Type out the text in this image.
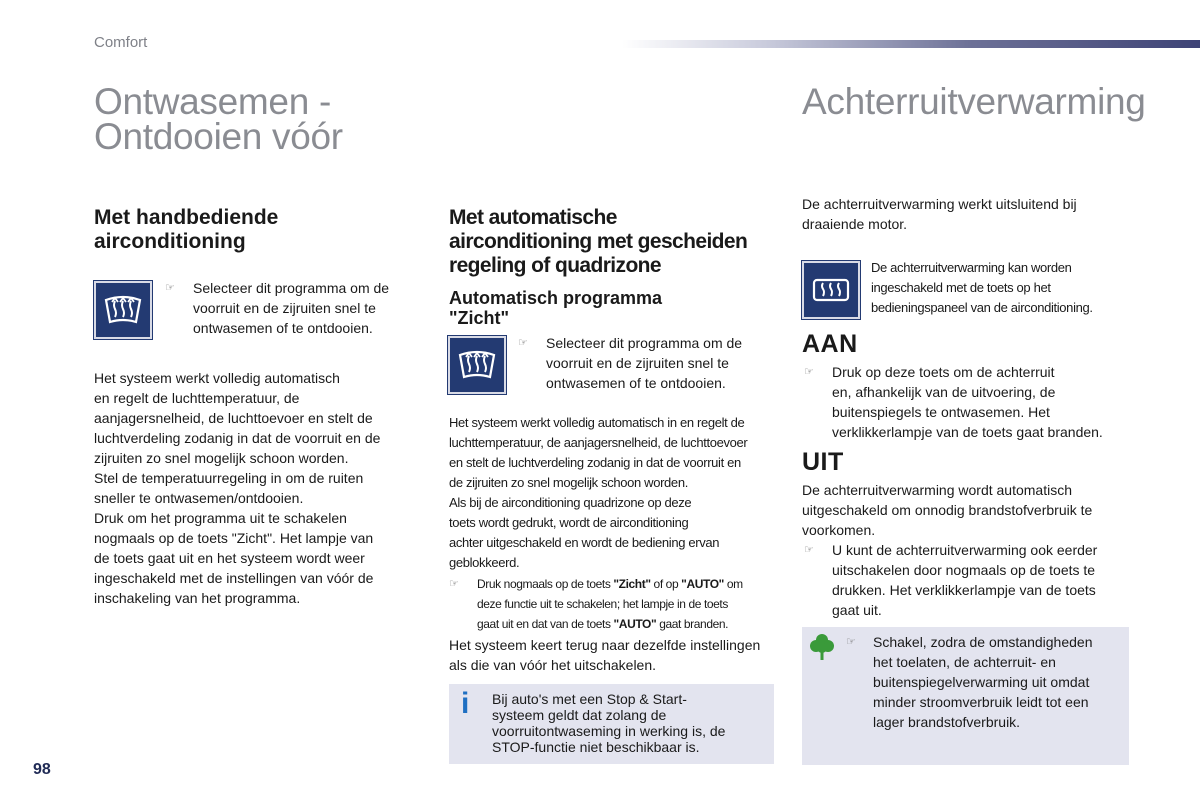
Comfort
Ontwasemen -
Ontdooien vóór
Achterruitverwarming
Met handbediende
airconditioning
☞ Selecteer dit programma om de
voorruit en de zijruiten snel te
ontwasemen of te ontdooien.
Het systeem werkt volledig automatisch
en regelt de luchttemperatuur, de
aanjagersnelheid, de luchttoevoer en stelt de
luchtverdeling zodanig in dat de voorruit en de
zijruiten zo snel mogelijk schoon worden.
Stel de temperatuurregeling in om de ruiten
sneller te ontwasemen/ontdooien.
Druk om het programma uit te schakelen
nogmaals op de toets "Zicht". Het lampje van
de toets gaat uit en het systeem wordt weer
ingeschakeld met de instellingen van vóór de
inschakeling van het programma.
Met automatische
airconditioning met gescheiden
regeling of quadrizone
Automatisch programma
"Zicht"
☞ Selecteer dit programma om de
voorruit en de zijruiten snel te
ontwasemen of te ontdooien.
Het systeem werkt volledig automatisch in en regelt de
luchttemperatuur, de aanjagersnelheid, de luchttoevoer
en stelt de luchtverdeling zodanig in dat de voorruit en
de zijruiten zo snel mogelijk schoon worden.
Als bij de airconditioning quadrizone op deze
toets wordt gedrukt, wordt de airconditioning
achter uitgeschakeld en wordt de bediening ervan
geblokkeerd.
☞	Druk nogmaals op de toets "Zicht" of op "AUTO" om
deze functie uit te schakelen; het lampje in de toets
gaat uit en dat van de toets "AUTO" gaat branden.
Het systeem keert terug naar dezelfde instellingen
als die van vóór het uitschakelen.
i Bij auto's met een Stop & Start-
systeem geldt dat zolang de
voorruitontwaseming in werking is, de
STOP-functie niet beschikbaar is.
De achterruitverwarming werkt uitsluitend bij
draaiende motor.
De achterruitverwarming kan worden
ingeschakeld met de toets op het
bedieningspaneel van de airconditioning.
AAN
☞ Druk op deze toets om de achterruit
en, afhankelijk van de uitvoering, de
buitenspiegels te ontwasemen. Het
verklikkerlampje van de toets gaat branden.
UIT
De achterruitverwarming wordt automatisch
uitgeschakeld om onnodig brandstofverbruik te
voorkomen.
☞ U kunt de achterruitverwarming ook eerder
uitschakelen door nogmaals op de toets te
drukken. Het verklikkerlampje van de toets
gaat uit.
☞ Schakel, zodra de omstandigheden
het toelaten, de achterruit- en
buitenspiegelverwarming uit omdat
minder stroomverbruik leidt tot een
lager brandstofverbruik.
98
